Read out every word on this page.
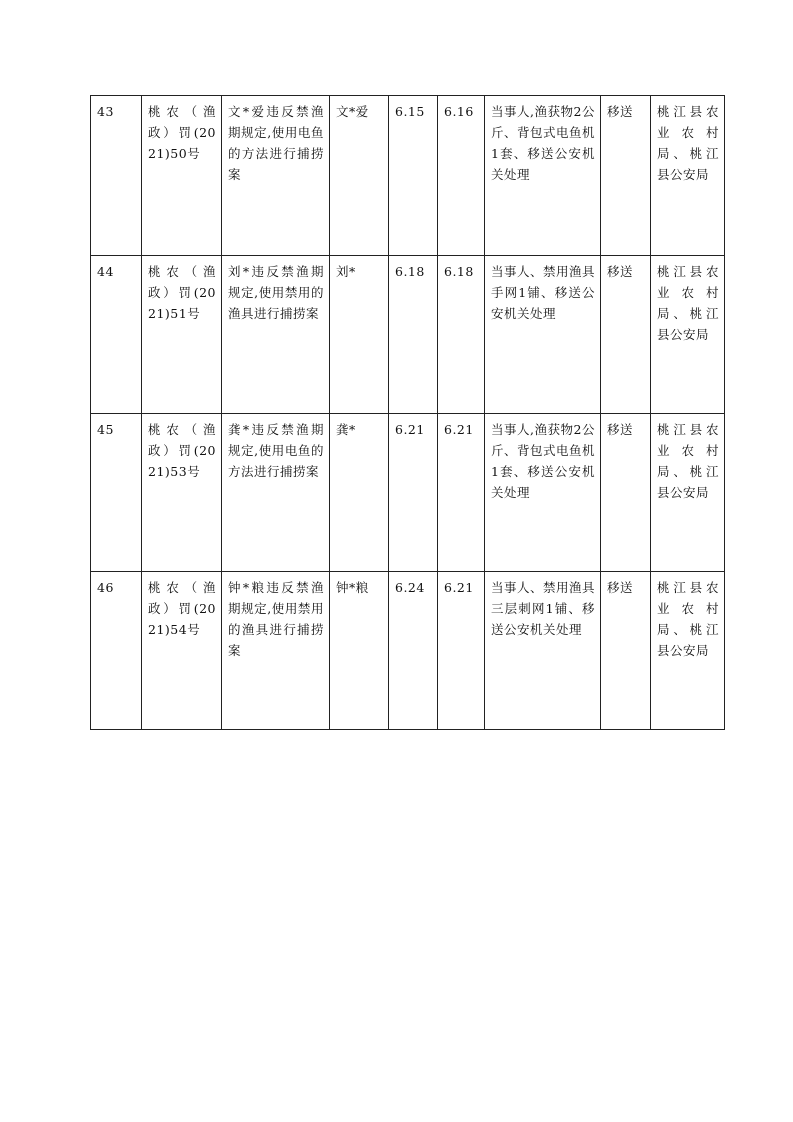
43	桃农（渔政）罚(2021)50号	文*爱违反禁渔期规定,使用电鱼的方法进行捕捞案	文*爱	6.15	6.16	当事人,渔获物2公斤、背包式电鱼机1套、移送公安机关处理	移送	桃江县农业农村局、桃江县公安局
44	桃农（渔政）罚(2021)51号	刘*违反禁渔期规定,使用禁用的渔具进行捕捞案	刘*	6.18	6.18	当事人、禁用渔具手网1铺、移送公安机关处理	移送	桃江县农业农村局、桃江县公安局
45	桃农（渔政）罚(2021)53号	龚*违反禁渔期规定,使用电鱼的方法进行捕捞案	龚*	6.21	6.21	当事人,渔获物2公斤、背包式电鱼机1套、移送公安机关处理	移送	桃江县农业农村局、桃江县公安局
46	桃农（渔政）罚(2021)54号	钟*粮违反禁渔期规定,使用禁用的渔具进行捕捞案	钟*粮	6.24	6.21	当事人、禁用渔具三层刺网1铺、移送公安机关处理	移送	桃江县农业农村局、桃江县公安局
